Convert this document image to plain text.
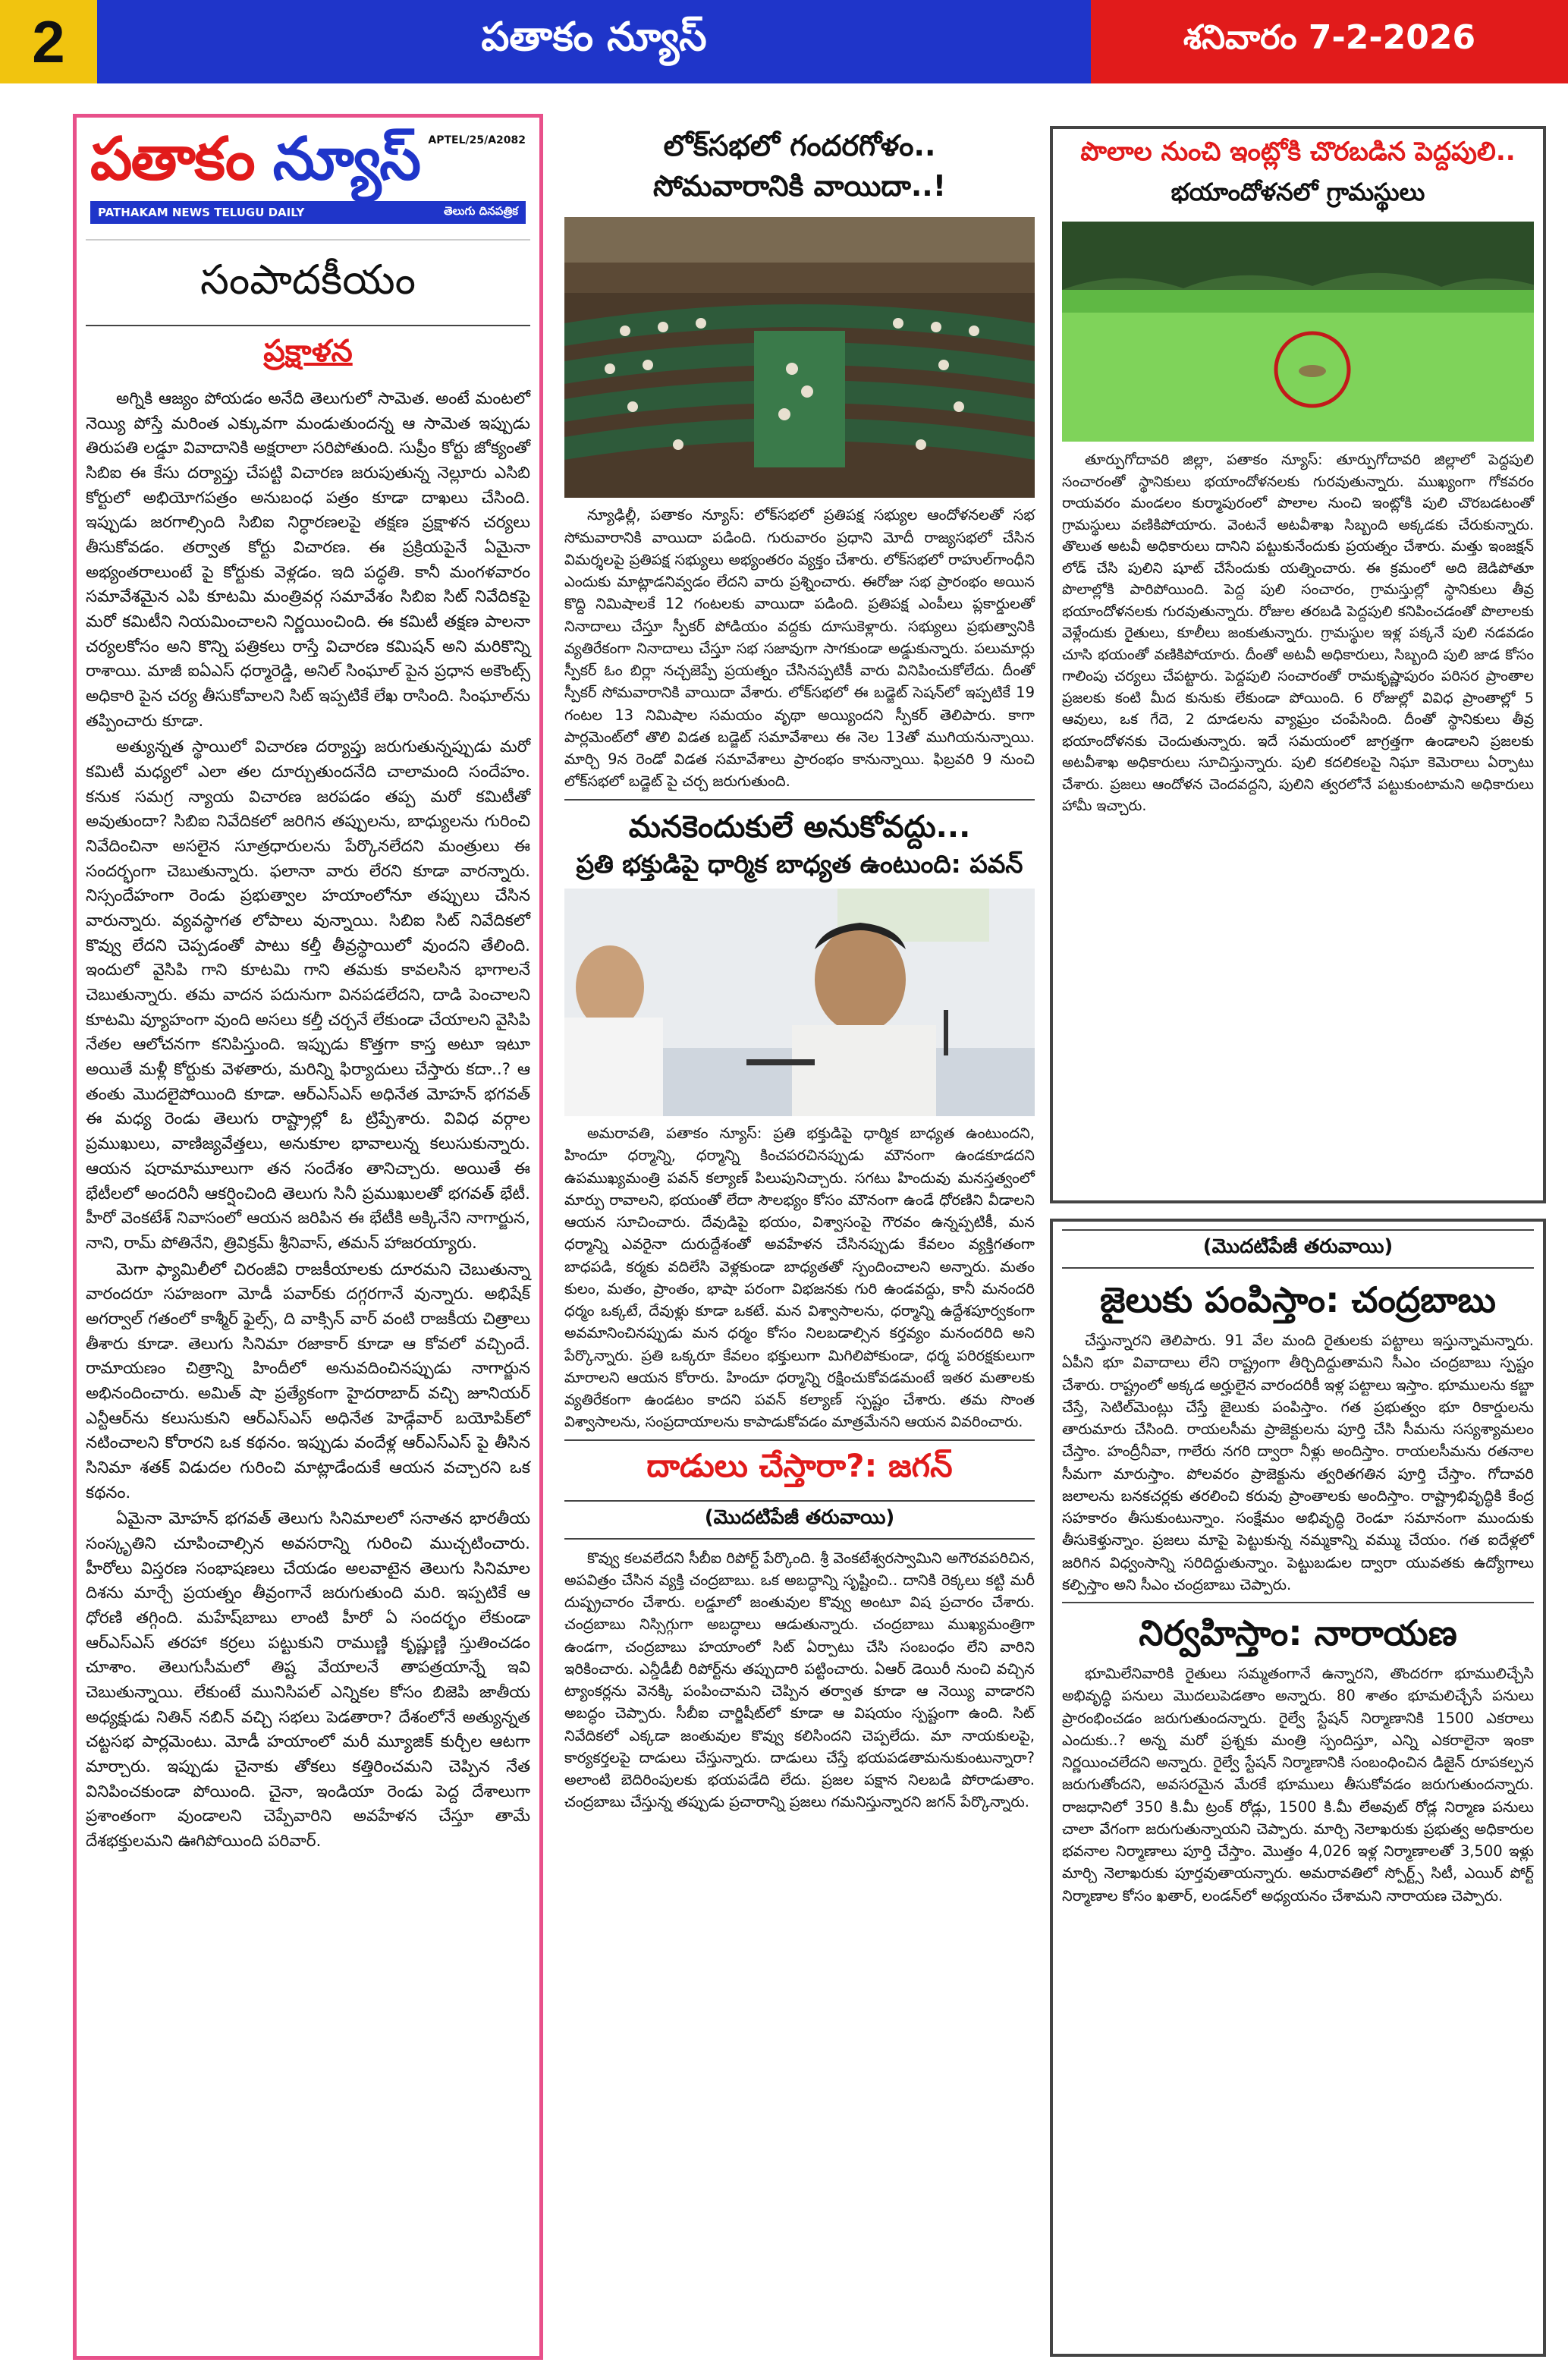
2	పతాకం న్యూస్	శనివారం 7-2-2026
పతాకం న్యూస్ APTEL/25/A2082
PATHAKAM NEWS TELUGU DAILY	తెలుగు దినపత్రిక
సంపాదకీయం
ప్రక్షాళన

అగ్నికి ఆజ్యం పోయడం అనేది తెలుగులో సామెత. అంటే మంటలో నెయ్యి పోస్తే మరింత ఎక్కువగా మండుతుందన్న ఆ సామెత ఇప్పుడు తిరుపతి లడ్డూ వివాదానికి అక్షరాలా సరిపోతుంది. సుప్రీం కోర్టు జోక్యంతో సిబిఐ ఈ కేసు దర్యాప్తు చేపట్టి విచారణ జరుపుతున్న నెల్లూరు ఎసిబి కోర్టులో అభియోగపత్రం అనుబంధ పత్రం కూడా దాఖలు చేసింది. ఇప్పుడు జరగాల్సింది సిబిఐ నిర్ధారణలపై తక్షణ ప్రక్షాళన చర్యలు తీసుకోవడం. తర్వాత కోర్టు విచారణ. ఈ ప్రక్రియపైనే ఏమైనా అభ్యంతరాలుంటే పై కోర్టుకు వెళ్లడం. ఇది పద్ధతి. కానీ మంగళవారం సమావేశమైన ఎపి కూటమి మంత్రివర్గ సమావేశం సిబిఐ సిట్ నివేదికపై మరో కమిటీని నియమించాలని నిర్ణయించింది. ఈ కమిటీ తక్షణ పాలనా చర్యలకోసం అని కొన్ని పత్రికలు రాస్తే విచారణ కమిషన్ అని మరికొన్ని రాశాయి. మాజీ ఐఏఎస్ ధర్మారెడ్డి, అనిల్ సింఘాల్ పైన ప్రధాన అకౌంట్స్ అధికారి పైన చర్య తీసుకోవాలని సిట్ ఇప్పటికే లేఖ రాసింది. సింఘాల్‌ను తప్పించారు కూడా.

అత్యున్నత స్థాయిలో విచారణ దర్యాప్తు జరుగుతున్నప్పుడు మరో కమిటీ మధ్యలో ఎలా తల దూర్చుతుందనేది చాలామంది సందేహం. కనుక సమగ్ర న్యాయ విచారణ జరపడం తప్ప మరో కమిటీతో అవుతుందా? సిబిఐ నివేదికలో జరిగిన తప్పులను, బాధ్యులను గురించి నివేదించినా అసలైన సూత్రధారులను పేర్కొనలేదని మంత్రులు ఈ సందర్భంగా చెబుతున్నారు. ఫలానా వారు లేరని కూడా వారన్నారు. నిస్సందేహంగా రెండు ప్రభుత్వాల హయాంలోనూ తప్పులు చేసిన వారున్నారు. వ్యవస్థాగత లోపాలు వున్నాయి. సిబిఐ సిట్ నివేదికలో కొవ్వు లేదని చెప్పడంతో పాటు కల్తీ తీవ్రస్థాయిలో వుందని తేలింది. ఇందులో వైసిపి గాని కూటమి గాని తమకు కావలసిన భాగాలనే చెబుతున్నారు. తమ వాదన పదునుగా వినపడలేదని, దాడి పెంచాలని కూటమి వ్యూహంగా వుంది అసలు కల్తీ చర్చనే లేకుండా చేయాలని వైసిపి నేతల ఆలోచనగా కనిపిస్తుంది. ఇప్పుడు కొత్తగా కాస్త అటూ ఇటూ అయితే మళ్లీ కోర్టుకు వెళతారు, మరిన్ని ఫిర్యాదులు చేస్తారు కదా..? ఆ తంతు మొదలైపోయింది కూడా. ఆర్‌ఎస్‌ఎస్ అధినేత మోహన్ భగవత్ ఈ మధ్య రెండు తెలుగు రాష్ట్రాల్లో ఓ ట్రిప్పేశారు. వివిధ వర్గాల ప్రముఖులు, వాణిజ్యవేత్తలు, అనుకూల భావాలున్న కలుసుకున్నారు. ఆయన షరామామూలుగా తన సందేశం తానిచ్చారు. అయితే ఈ భేటీలలో అందరినీ ఆకర్షించింది తెలుగు సినీ ప్రముఖులతో భగవత్ భేటీ. హీరో వెంకటేశ్ నివాసంలో ఆయన జరిపిన ఈ భేటీకి అక్కినేని నాగార్జున, నాని, రామ్ పోతినేని, త్రివిక్రమ్ శ్రీనివాస్, తమన్ హాజరయ్యారు.

మెగా ఫ్యామిలీలో చిరంజీవి రాజకీయాలకు దూరమని చెబుతున్నా వారందరూ సహజంగా మోడీ పవార్‌కు దగ్గరగానే వున్నారు. అభిషేక్ అగర్వాల్ గతంలో కాశ్మీర్ ఫైల్స్, ది వాక్సిన్ వార్ వంటి రాజకీయ చిత్రాలు తీశారు కూడా. తెలుగు సినిమా రజాకార్ కూడా ఆ కోవలో వచ్చిందే. రామాయణం చిత్రాన్ని హిందీలో అనువదించినప్పుడు నాగార్జున అభినందించారు. అమిత్ షా ప్రత్యేకంగా హైదరాబాద్ వచ్చి జూనియర్ ఎన్టీఆర్‌ను కలుసుకుని ఆర్‌ఎస్‌ఎస్ అధినేత హెడ్గేవార్ బయోపిక్‌లో నటించాలని కోరారని ఒక కథనం. ఇప్పుడు వందేళ్ల ఆర్‌ఎస్‌ఎస్ పై తీసిన సినిమా శతక్ విడుదల గురించి మాట్లాడేందుకే ఆయన వచ్చారని ఒక కథనం.

ఏమైనా మోహన్ భగవత్ తెలుగు సినిమాలలో సనాతన భారతీయ సంస్కృతిని చూపించాల్సిన అవసరాన్ని గురించి ముచ్చటించారు. హీరోలు విస్తరణ సంభాషణలు చేయడం అలవాటైన తెలుగు సినిమాల దిశను మార్చే ప్రయత్నం తీవ్రంగానే జరుగుతుంది మరి. ఇప్పటికే ఆ ధోరణి తగ్గింది. మహేష్‌బాబు లాంటి హీరో ఏ సందర్భం లేకుండా ఆర్‌ఎస్‌ఎస్ తరహా కర్రలు పట్టుకుని రాముణ్ణి కృష్ణుణ్ణి స్తుతించడం చూశాం. తెలుగుసీమలో తిష్ట వేయాలనే తాపత్రయాన్నే ఇవి చెబుతున్నాయి. లేకుంటే మునిసిపల్ ఎన్నికల కోసం బిజెపి జాతీయ అధ్యక్షుడు నితిన్ నబిన్ వచ్చి సభలు పెడతారా? దేశంలోనే అత్యున్నత చట్టసభ పార్లమెంటు. మోడీ హయాంలో మరీ మ్యూజిక్ కుర్చీల ఆటగా మార్చారు. ఇప్పుడు చైనాకు తోకలు కత్తిరించమని చెప్పిన నేత వినిపించకుండా పోయింది. చైనా, ఇండియా రెండు పెద్ద దేశాలుగా ప్రశాంతంగా వుండాలని చెప్పేవారిని అవహేళన చేస్తూ తామే దేశభక్తులమని ఊగిపోయింది పరివార్.

లోక్‌సభలో గందరగోళం..
సోమవారానికి వాయిదా..!

న్యూఢిల్లీ, పతాకం న్యూస్: లోక్‌సభలో ప్రతిపక్ష సభ్యుల ఆందోళనలతో సభ సోమవారానికి వాయిదా పడింది. గురువారం ప్రధాని మోదీ రాజ్యసభలో చేసిన విమర్శలపై ప్రతిపక్ష సభ్యులు అభ్యంతరం వ్యక్తం చేశారు. లోక్‌సభలో రాహుల్‌గాంధీని ఎందుకు మాట్లాడనివ్వడం లేదని వారు ప్రశ్నించారు. ఈరోజు సభ ప్రారంభం అయిన కొద్ది నిమిషాలకే 12 గంటలకు వాయిదా పడింది. ప్రతిపక్ష ఎంపీలు ప్లకార్డులతో నినాదాలు చేస్తూ స్పీకర్ పోడియం వద్దకు దూసుకెళ్లారు. సభ్యులు ప్రభుత్వానికి వ్యతిరేకంగా నినాదాలు చేస్తూ సభ సజావుగా సాగకుండా అడ్డుకున్నారు. పలుమార్లు స్పీకర్ ఓం బిర్లా నచ్చజెప్పే ప్రయత్నం చేసినప్పటికీ వారు వినిపించుకోలేదు. దీంతో స్పీకర్ సోమవారానికి వాయిదా వేశారు. లోక్‌సభలో ఈ బడ్జెట్ సెషన్‌లో ఇప్పటికే 19 గంటల 13 నిమిషాల సమయం వృథా అయ్యిందని స్పీకర్ తెలిపారు. కాగా పార్లమెంట్‌లో తొలి విడత బడ్జెట్ సమావేశాలు ఈ నెల 13తో ముగియనున్నాయి. మార్చి 9న రెండో విడత సమావేశాలు ప్రారంభం కానున్నాయి. ఫిబ్రవరి 9 నుంచి లోక్‌సభలో బడ్జెట్ పై చర్చ జరుగుతుంది.

మనకెందుకులే అనుకోవద్దు...
ప్రతి భక్తుడిపై ధార్మిక బాధ్యత ఉంటుంది: పవన్

అమరావతి, పతాకం న్యూస్: ప్రతి భక్తుడిపై ధార్మిక బాధ్యత ఉంటుందని, హిందూ ధర్మాన్ని, ధర్మాన్ని కించపరచినప్పుడు మౌనంగా ఉండకూడదని ఉపముఖ్యమంత్రి పవన్ కల్యాణ్ పిలుపునిచ్చారు. సగటు హిందువు మనస్తత్వంలో మార్పు రావాలని, భయంతో లేదా సౌలభ్యం కోసం మౌనంగా ఉండే ధోరణిని వీడాలని ఆయన సూచించారు. దేవుడిపై భయం, విశ్వాసంపై గౌరవం ఉన్నప్పటికీ, మన ధర్మాన్ని ఎవరైనా దురుద్దేశంతో అవహేళన చేసినప్పుడు కేవలం వ్యక్తిగతంగా బాధపడి, కర్మకు వదిలేసి వెళ్లకుండా బాధ్యతతో స్పందించాలని అన్నారు. మతం కులం, మతం, ప్రాంతం, భాషా పరంగా విభజనకు గురి ఉండవద్దు, కానీ మనందరి ధర్మం ఒక్కటే, దేవుళ్లు కూడా ఒకటే. మన విశ్వాసాలను, ధర్మాన్ని ఉద్దేశపూర్వకంగా అవమానించినప్పుడు మన ధర్మం కోసం నిలబడాల్సిన కర్తవ్యం మనందరిది అని పేర్కొన్నారు. ప్రతి ఒక్కరూ కేవలం భక్తులుగా మిగిలిపోకుండా, ధర్మ పరిరక్షకులుగా మారాలని ఆయన కోరారు. హిందూ ధర్మాన్ని రక్షించుకోవడమంటే ఇతర మతాలకు వ్యతిరేకంగా ఉండటం కాదని పవన్ కల్యాణ్ స్పష్టం చేశారు. తమ సొంత విశ్వాసాలను, సంప్రదాయాలను కాపాడుకోవడం మాత్రమేనని ఆయన వివరించారు.

దాడులు చేస్తారా?: జగన్
(మొదటిపేజీ తరువాయి)

కొవ్వు కలవలేదని సీబీఐ రిపోర్ట్ పేర్కొంది. శ్రీ వెంకటేశ్వరస్వామిని అగౌరవపరిచిన, అపవిత్రం చేసిన వ్యక్తి చంద్రబాబు. ఒక అబద్ధాన్ని సృష్టించి.. దానికి రెక్కలు కట్టి మరీ దుష్ప్రచారం చేశారు. లడ్డూలో జంతువుల కొవ్వు అంటూ విష ప్రచారం చేశారు. చంద్రబాబు నిస్సిగ్గుగా అబద్ధాలు ఆడుతున్నారు. చంద్రబాబు ముఖ్యమంత్రిగా ఉండగా, చంద్రబాబు హయాంలో సిట్ ఏర్పాటు చేసి సంబంధం లేని వారిని ఇరికించారు. ఎన్డీడీబీ రిపోర్ట్‌ను తప్పుదారి పట్టించారు. ఏఆర్ డెయిరీ నుంచి వచ్చిన ట్యాంకర్లను వెనక్కి పంపించామని చెప్పిన తర్వాత కూడా ఆ నెయ్యి వాడారని అబద్ధం చెప్పారు. సీబీఐ చార్జిషీట్‌లో కూడా ఆ విషయం స్పష్టంగా ఉంది. సిట్ నివేదికలో ఎక్కడా జంతువుల కొవ్వు కలిసిందని చెప్పలేదు. మా నాయకులపై, కార్యకర్తలపై దాడులు చేస్తున్నారు. దాడులు చేస్తే భయపడతామనుకుంటున్నారా? అలాంటి బెదిరింపులకు భయపడేది లేదు. ప్రజల పక్షాన నిలబడి పోరాడుతాం. చంద్రబాబు చేస్తున్న తప్పుడు ప్రచారాన్ని ప్రజలు గమనిస్తున్నారని జగన్ పేర్కొన్నారు.

పొలాల నుంచి ఇంట్లోకి చొరబడిన పెద్దపులి..
భయాందోళనలో గ్రామస్థులు

తూర్పుగోదావరి జిల్లా, పతాకం న్యూస్: తూర్పుగోదావరి జిల్లాలో పెద్దపులి సంచారంతో స్థానికులు భయాందోళనలకు గురవుతున్నారు. ముఖ్యంగా గోకవరం రాయవరం మండలం కుర్మాపురంలో పొలాల నుంచి ఇంట్లోకి పులి చొరబడటంతో గ్రామస్థులు వణికిపోయారు. వెంటనే అటవీశాఖ సిబ్బంది అక్కడకు చేరుకున్నారు. తొలుత అటవీ అధికారులు దానిని పట్టుకునేందుకు ప్రయత్నం చేశారు. మత్తు ఇంజక్షన్ లోడ్ చేసి పులిని షూట్ చేసేందుకు యత్నించారు. ఈ క్రమంలో అది జెడిపోతూ పొలాల్లోకి పారిపోయింది. పెద్ద పులి సంచారం, గ్రామస్తుల్లో స్థానికులు తీవ్ర భయాందోళనలకు గురవుతున్నారు. రోజుల తరబడి పెద్దపులి కనిపించడంతో పొలాలకు వెళ్లేందుకు రైతులు, కూలీలు జంకుతున్నారు. గ్రామస్థుల ఇళ్ల పక్కనే పులి నడవడం చూసి భయంతో వణికిపోయారు. దీంతో అటవీ అధికారులు, సిబ్బంది పులి జాడ కోసం గాలింపు చర్యలు చేపట్టారు. పెద్దపులి సంచారంతో రామకృష్ణాపురం పరిసర ప్రాంతాల ప్రజలకు కంటి మీద కునుకు లేకుండా పోయింది. 6 రోజుల్లో వివిధ ప్రాంతాల్లో 5 ఆవులు, ఒక గేదె, 2 దూడలను వ్యాఘ్రం చంపేసింది. దీంతో స్థానికులు తీవ్ర భయాందోళనకు చెందుతున్నారు. ఇదే సమయంలో జాగ్రత్తగా ఉండాలని ప్రజలకు అటవీశాఖ అధికారులు సూచిస్తున్నారు. పులి కదలికలపై నిఘా కెమెరాలు ఏర్పాటు చేశారు. ప్రజలు ఆందోళన చెందవద్దని, పులిని త్వరలోనే పట్టుకుంటామని అధికారులు హామీ ఇచ్చారు.

(మొదటిపేజీ తరువాయి)
జైలుకు పంపిస్తాం: చంద్రబాబు

చేస్తున్నారని తెలిపారు. 91 వేల మంది రైతులకు పట్టాలు ఇస్తున్నామన్నారు. ఏపీని భూ వివాదాలు లేని రాష్ట్రంగా తీర్చిదిద్దుతామని సీఎం చంద్రబాబు స్పష్టం చేశారు. రాష్ట్రంలో అక్కడ అర్హులైన వారందరికీ ఇళ్ల పట్టాలు ఇస్తాం. భూములను కబ్జా చేస్తే, సెటిల్‌మెంట్లు చేస్తే జైలుకు పంపిస్తాం. గత ప్రభుత్వం భూ రికార్డులను తారుమారు చేసింది. రాయలసీమ ప్రాజెక్టులను పూర్తి చేసి సీమను సస్యశ్యామలం చేస్తాం. హంద్రీనీవా, గాలేరు నగరి ద్వారా నీళ్లు అందిస్తాం. రాయలసీమను రతనాల సీమగా మారుస్తాం. పోలవరం ప్రాజెక్టును త్వరితగతిన పూర్తి చేస్తాం. గోదావరి జలాలను బనకచర్లకు తరలించి కరువు ప్రాంతాలకు అందిస్తాం. రాష్ట్రాభివృద్ధికి కేంద్ర సహకారం తీసుకుంటున్నాం. సంక్షేమం అభివృద్ధి రెండూ సమానంగా ముందుకు తీసుకెళ్తున్నాం. ప్రజలు మాపై పెట్టుకున్న నమ్మకాన్ని వమ్ము చేయం. గత ఐదేళ్లలో జరిగిన విధ్వంసాన్ని సరిదిద్దుతున్నాం. పెట్టుబడుల ద్వారా యువతకు ఉద్యోగాలు కల్పిస్తాం అని సీఎం చంద్రబాబు చెప్పారు.

నిర్వహిస్తాం: నారాయణ

భూమిలేనివారికి రైతులు సమ్మతంగానే ఉన్నారని, తొందరగా భూములిచ్చేసి అభివృద్ధి పనులు మొదలుపెడతాం అన్నారు. 80 శాతం భూమలిచ్చేసే పనులు ప్రారంభించడం జరుగుతుందన్నారు. రైల్వే స్టేషన్ నిర్మాణానికి 1500 ఎకరాలు ఎందుకు..? అన్న మరో ప్రశ్నకు మంత్రి స్పందిస్తూ, ఎన్ని ఎకరాలైనా ఇంకా నిర్ణయించలేదని అన్నారు. రైల్వే స్టేషన్ నిర్మాణానికి సంబంధించిన డిజైన్ రూపకల్పన జరుగుతోందని, అవసరమైన మేరకే భూములు తీసుకోవడం జరుగుతుందన్నారు. రాజధానిలో 350 కి.మీ ట్రంక్ రోడ్లు, 1500 కి.మీ లేఅవుట్ రోడ్ల నిర్మాణ పనులు చాలా వేగంగా జరుగుతున్నాయని చెప్పారు. మార్చి నెలాఖరుకు ప్రభుత్వ అధికారుల భవనాల నిర్మాణాలు పూర్తి చేస్తాం. మొత్తం 4,026 ఇళ్ల నిర్మాణాలతో 3,500 ఇళ్లు మార్చి నెలాఖరుకు పూర్తవుతాయన్నారు. అమరావతిలో స్పోర్ట్స్ సిటీ, ఎయిర్ పోర్ట్ నిర్మాణాల కోసం ఖతార్, లండన్‌లో అధ్యయనం చేశామని నారాయణ చెప్పారు.
